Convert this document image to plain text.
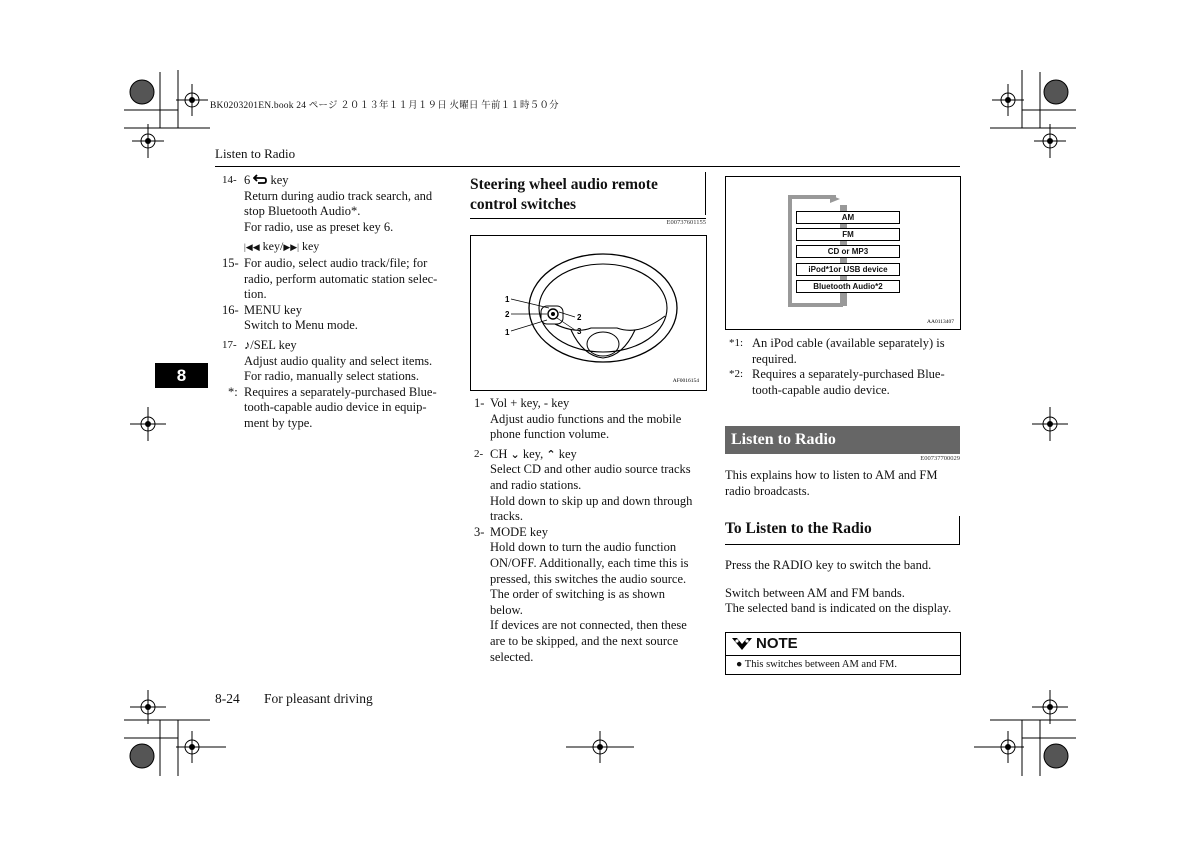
BK0203201EN.book 24 ページ ２０１３年１１月１９日 火曜日 午前１１時５０分
Listen to Radio
8
14- 6  key
Return during audio track search, and
stop Bluetooth Audio*.
For radio, use as preset key 6.
|◀◀ key/▶▶| key
15- For audio, select audio track/file; for
radio, perform automatic station selec-
tion.
16- MENU key
Switch to Menu mode.
17- ♪/SEL key
Adjust audio quality and select items.
For radio, manually select stations.
*: Requires a separately-purchased Blue-
tooth-capable audio device in equip-
ment by type.
Steering wheel audio remote
control switches
E00737601155
1
2
1
2
3
AF0016154
1- Vol + key, - key
Adjust audio functions and the mobile
phone function volume.
2- CH ⌄ key, ⌃ key
Select CD and other audio source tracks
and radio stations.
Hold down to skip up and down through
tracks.
3- MODE key
Hold down to turn the audio function
ON/OFF. Additionally, each time this is
pressed, this switches the audio source.
The order of switching is as shown
below.
If devices are not connected, then these
are to be skipped, and the next source
selected.
AA0113407
AM
FM
CD or MP3
iPod*1or USB device
Bluetooth Audio*2
*1: An iPod cable (available separately) is
required.
*2: Requires a separately-purchased Blue-
tooth-capable audio device.
Listen to Radio
E00737700029
This explains how to listen to AM and FM
radio broadcasts.
To Listen to the Radio
Press the RADIO key to switch the band.
Switch between AM and FM bands.
The selected band is indicated on the display.
NOTE
● This switches between AM and FM.
8-24 For pleasant driving
